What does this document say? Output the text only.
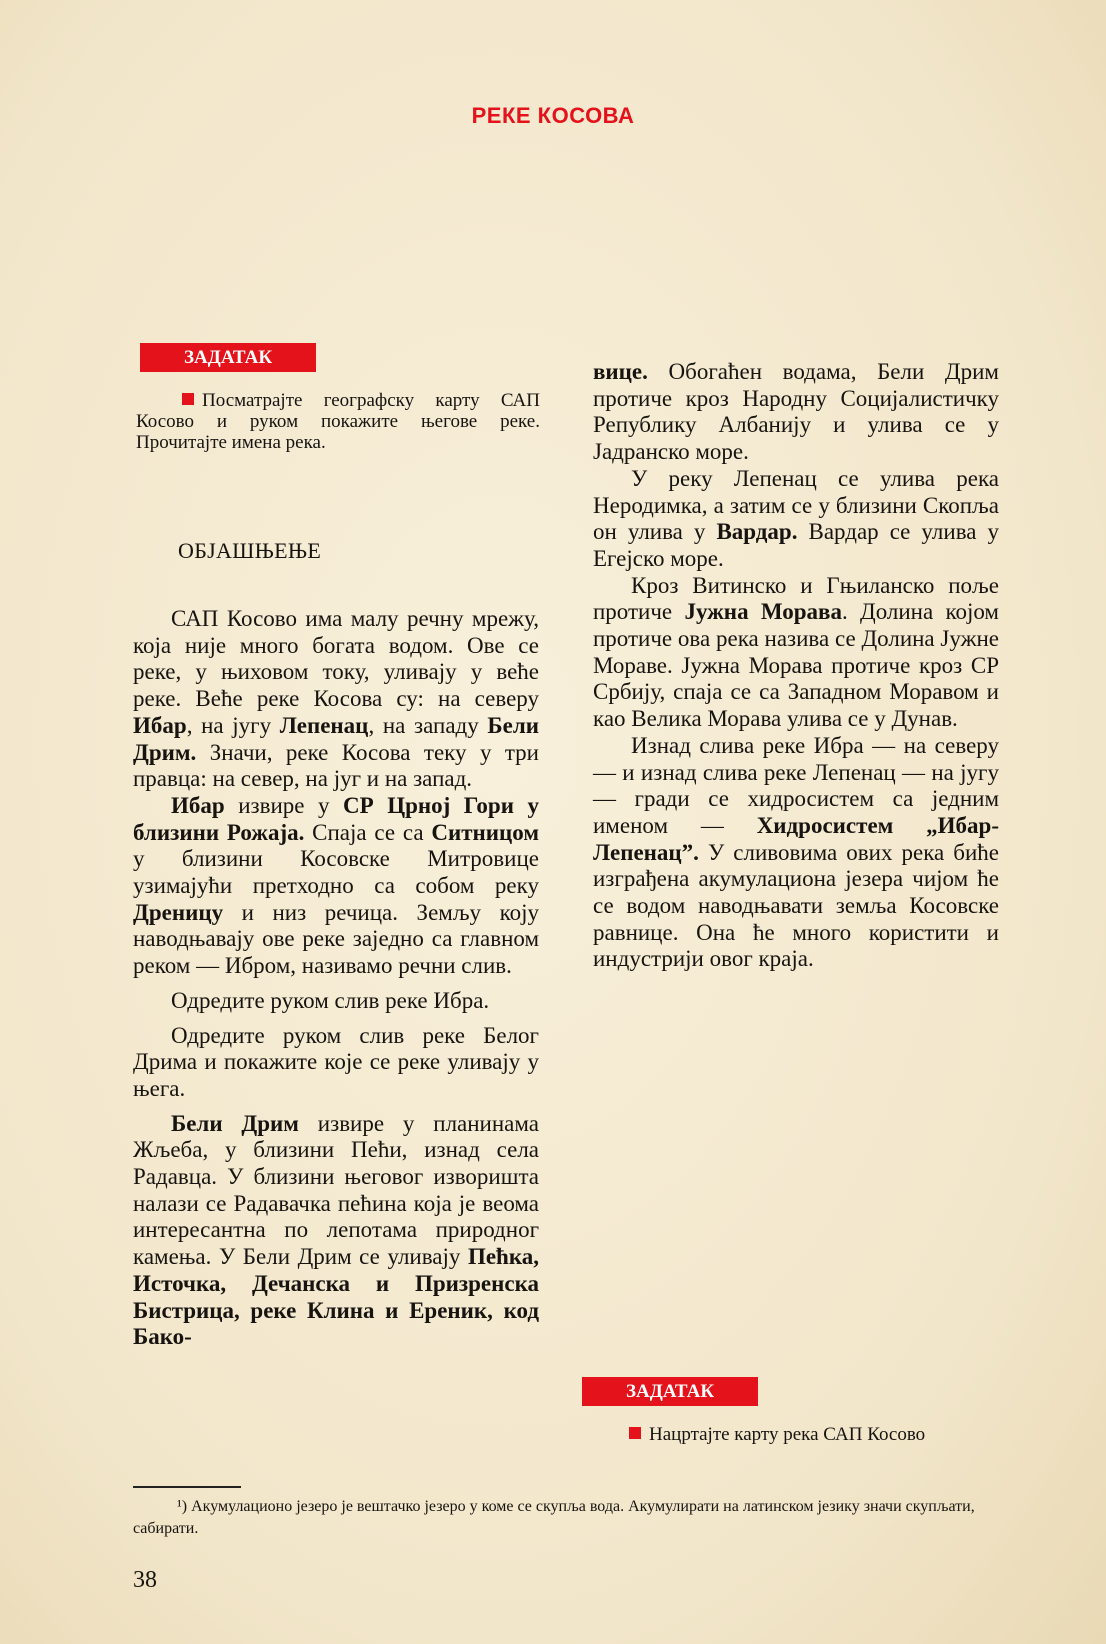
РЕКЕ КОСОВА
ЗАДАТАК
Посматрајте географску карту САП Косово и руком покажите његове реке. Прочитајте имена река.
ОБЈАШЊЕЊЕ

САП Косово има малу речну мрежу, која није много богата водом. Ове се реке, у њиховом току, уливају у веће реке. Веће реке Косова су: на северу Ибар, на југу Лепенац, на западу Бели Дрим. Значи, реке Косова теку у три правца: на север, на југ и на запад.

Ибар извире у СР Црној Гори у близини Рожаја. Спаја се са Ситницом у близини Косовске Митровице узимајући претходно са собом реку Дреницу и низ речица. Земљу коју наводњавају ове реке заједно са главном реком — Ибром, називамо речни слив.

Одредите руком слив реке Ибра.

Одредите руком слив реке Белог Дрима и покажите које се реке уливају у њега.

Бели Дрим извире у планинама Жљеба, у близини Пећи, изнад села Радавца. У близини његовог изворишта налази се Радавачка пећина која је веома интересантна по лепотама природног камења. У Бели Дрим се уливају Пећка, Источка, Дечанска и Призренска Бистрица, реке Клина и Ереник, код Бако-

вице. Обогаћен водама, Бели Дрим протиче кроз Народну Социјалистичку Републику Албанију и улива се у Јадранско море.

У реку Лепенац се улива река Неродимка, а затим се у близини Скопља он улива у Вардар. Вардар се улива у Егејско море.

Кроз Витинско и Гњиланско поље протиче Јужна Морава. Долина којом протиче ова река назива се Долина Јужне Мораве. Јужна Морава протиче кроз СР Србију, спаја се са Западном Моравом и као Велика Морава улива се у Дунав.

Изнад слива реке Ибра — на северу — и изнад слива реке Лепенац — на југу — гради се хидросистем са једним именом — Хидросистем „Ибар-Лепенац”. У сливовима ових река биће изграђена акумулациона језера чијом ће се водом наводњавати земља Косовске равнице. Она ће много користити и индустрији овог краја.

ЗАДАТАК
Нацртајте карту река САП Косово
¹) Акумулационо језеро је вештачко језеро у коме се скупља вода. Акумулирати на латинском језику значи скупљати, сабирати.
38
